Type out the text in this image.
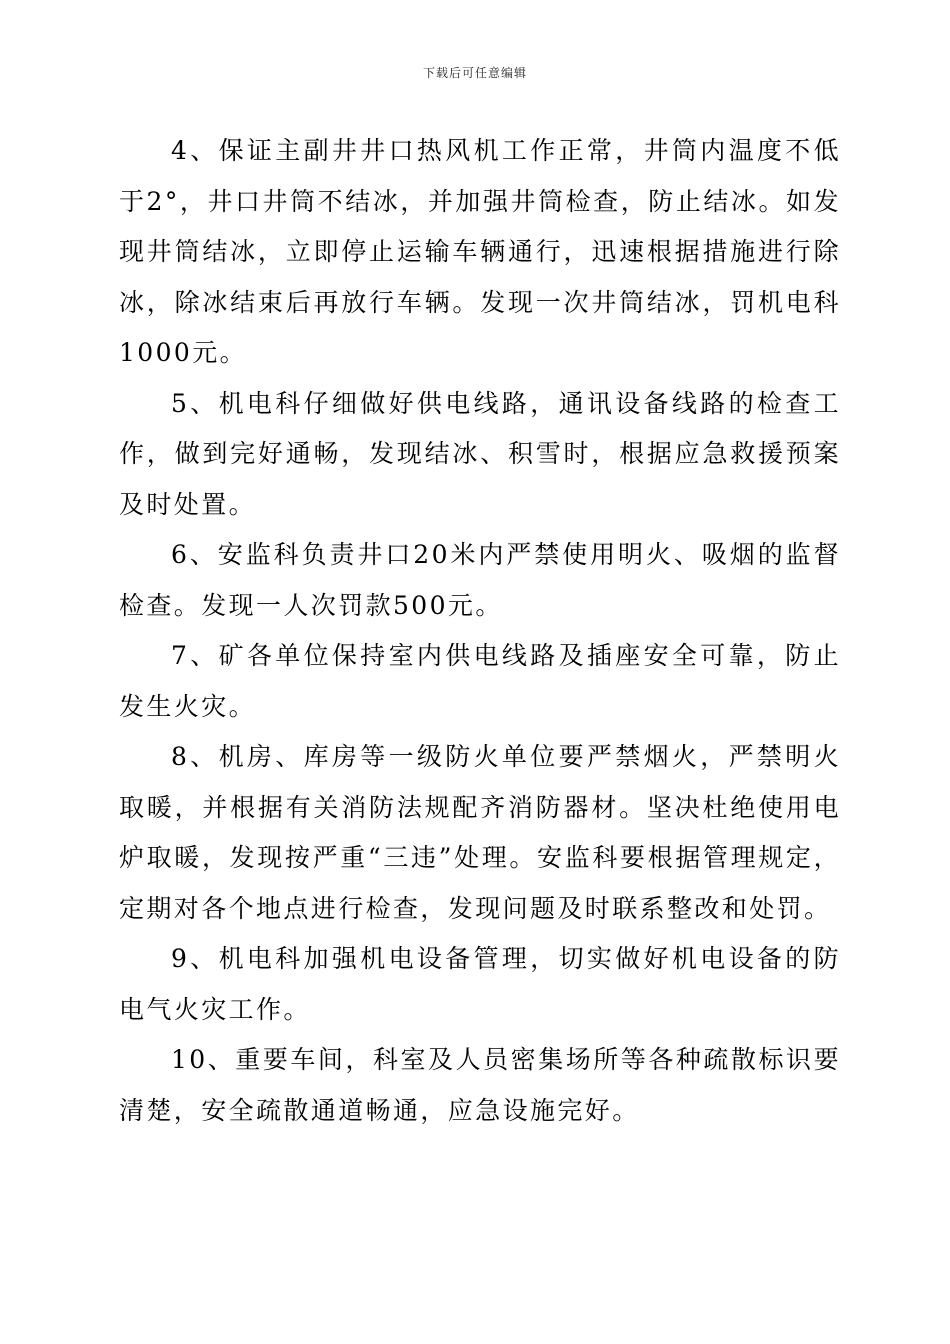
下载后可任意编辑

4、保证主副井井口热风机工作正常，井筒内温度不低于2°，井口井筒不结冰，并加强井筒检查，防止结冰。如发现井筒结冰，立即停止运输车辆通行，迅速根据措施进行除冰，除冰结束后再放行车辆。发现一次井筒结冰，罚机电科1000元。

5、机电科仔细做好供电线路，通讯设备线路的检查工作，做到完好通畅，发现结冰、积雪时，根据应急救援预案及时处置。

6、安监科负责井口20米内严禁使用明火、吸烟的监督检查。发现一人次罚款500元。

7、矿各单位保持室内供电线路及插座安全可靠，防止发生火灾。

8、机房、库房等一级防火单位要严禁烟火，严禁明火取暖，并根据有关消防法规配齐消防器材。坚决杜绝使用电炉取暖，发现按严重“三违”处理。安监科要根据管理规定，定期对各个地点进行检查，发现问题及时联系整改和处罚。

9、机电科加强机电设备管理，切实做好机电设备的防电气火灾工作。

10、重要车间，科室及人员密集场所等各种疏散标识要清楚，安全疏散通道畅通，应急设施完好。
